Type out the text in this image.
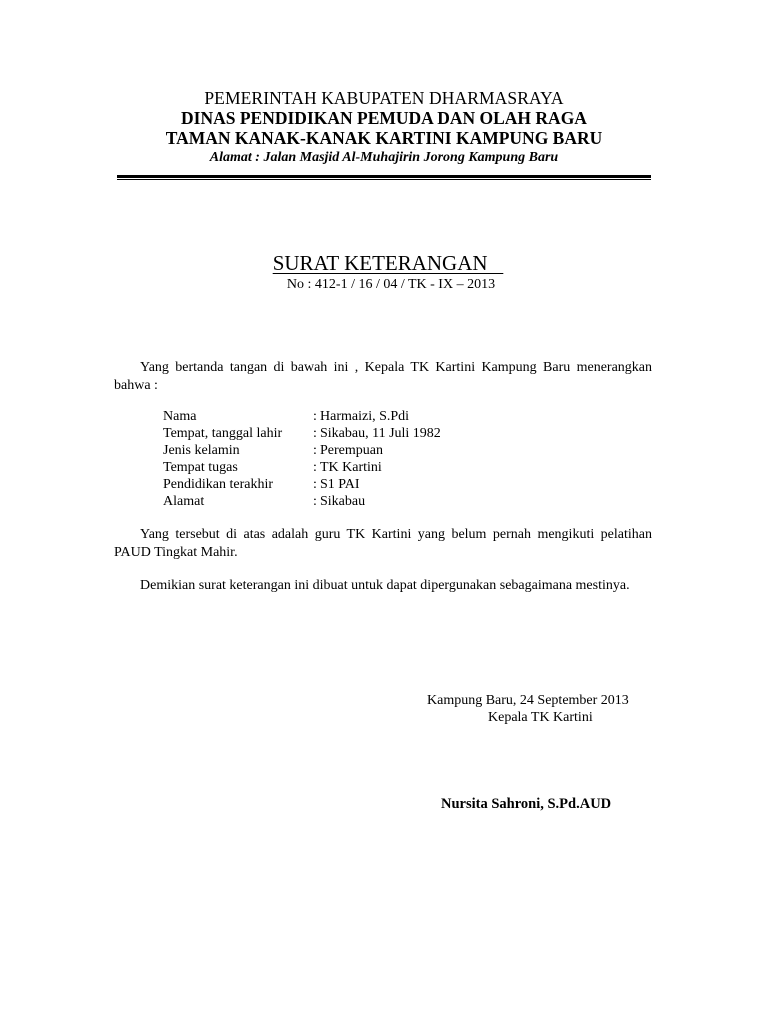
PEMERINTAH KABUPATEN DHARMASRAYA
DINAS PENDIDIKAN PEMUDA DAN OLAH RAGA
TAMAN KANAK-KANAK KARTINI KAMPUNG BARU
Alamat : Jalan Masjid Al-Muhajirin Jorong Kampung Baru
SURAT KETERANGAN
No : 412-1 / 16 / 04 / TK - IX – 2013
Yang bertanda tangan di bawah ini , Kepala TK Kartini Kampung Baru menerangkan bahwa :
Nama	: Harmaizi, S.Pdi
Tempat, tanggal lahir	: Sikabau, 11 Juli 1982
Jenis kelamin	: Perempuan
Tempat tugas	: TK Kartini
Pendidikan terakhir	: S1 PAI
Alamat	: Sikabau
Yang tersebut di atas adalah guru TK Kartini yang belum pernah mengikuti pelatihan PAUD Tingkat Mahir.
Demikian surat keterangan ini dibuat untuk dapat dipergunakan sebagaimana mestinya.
Kampung Baru, 24 September 2013
Kepala TK Kartini
Nursita Sahroni, S.Pd.AUD
